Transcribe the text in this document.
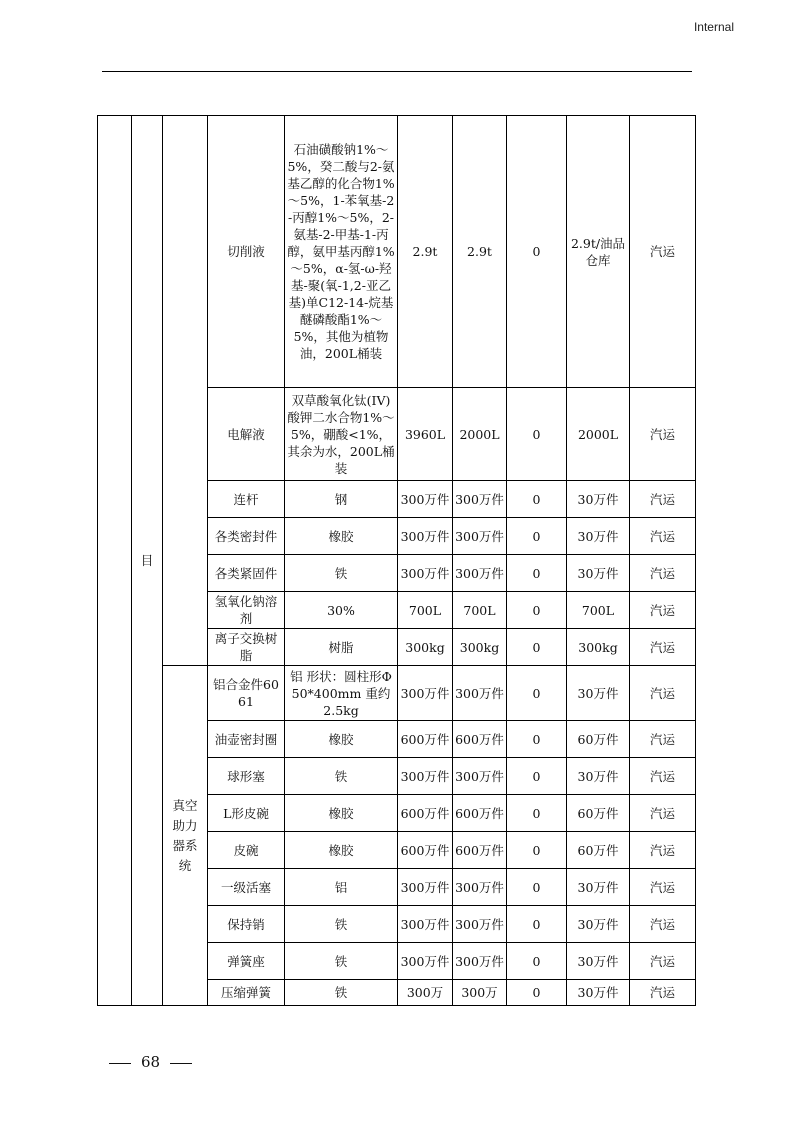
Internal
	目		切削液	石油磺酸钠1%～5%，癸二酸与2-氨基乙醇的化合物1%～5%，1-苯氧基-2-丙醇1%～5%，2-氨基-2-甲基-1-丙醇，氨甲基丙醇1%～5%，α-氢-ω-羟基-聚(氧-1,2-亚乙基)单C12-14-烷基醚磷酸酯1%～5%，其他为植物油，200L桶装	2.9t	2.9t	0	2.9t/油品仓库	汽运
			电解液	双草酸氧化钛(IV)酸钾二水合物1%～5%，硼酸<1%，其余为水，200L桶装	3960L	2000L	0	2000L	汽运
			连杆	钢	300万件	300万件	0	30万件	汽运
			各类密封件	橡胶	300万件	300万件	0	30万件	汽运
			各类紧固件	铁	300万件	300万件	0	30万件	汽运
			氢氧化钠溶剂	30%	700L	700L	0	700L	汽运
			离子交换树脂	树脂	300kg	300kg	0	300kg	汽运
		真空助力器系统	铝合金件6061	铝 形状：圆柱形Φ50*400mm 重约2.5kg	300万件	300万件	0	30万件	汽运
			油壶密封圈	橡胶	600万件	600万件	0	60万件	汽运
			球形塞	铁	300万件	300万件	0	30万件	汽运
			L形皮碗	橡胶	600万件	600万件	0	60万件	汽运
			皮碗	橡胶	600万件	600万件	0	60万件	汽运
			一级活塞	铝	300万件	300万件	0	30万件	汽运
			保持销	铁	300万件	300万件	0	30万件	汽运
			弹簧座	铁	300万件	300万件	0	30万件	汽运
			压缩弹簧	铁	300万	300万	0	30万件	汽运
68
